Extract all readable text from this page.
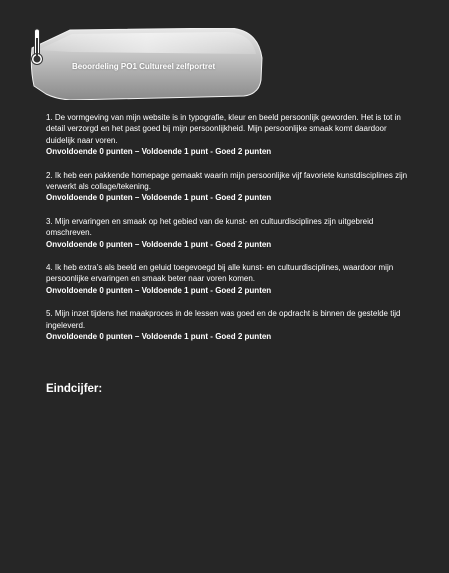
Beoordeling PO1 Cultureel zelfportret

1. De vormgeving van mijn website is in typografie, kleur en beeld persoonlijk geworden. Het is tot in detail verzorgd en het past goed bij mijn persoonlijkheid. Mijn persoonlijke smaak komt daardoor duidelijk naar voren.

Onvoldoende 0 punten – Voldoende 1 punt - Goed 2 punten

2. Ik heb een pakkende homepage gemaakt waarin mijn persoonlijke vijf favoriete kunstdisciplines zijn verwerkt als collage/tekening.

Onvoldoende 0 punten – Voldoende 1 punt - Goed 2 punten

3. Mijn ervaringen en smaak op het gebied van de kunst- en cultuurdisciplines zijn uitgebreid omschreven.

Onvoldoende 0 punten – Voldoende 1 punt - Goed 2 punten

4. Ik heb extra’s als beeld en geluid toegevoegd bij alle kunst- en cultuurdisciplines, waardoor mijn persoonlijke ervaringen en smaak beter naar voren komen.

Onvoldoende 0 punten – Voldoende 1 punt - Goed 2 punten

5. Mijn inzet tijdens het maakproces in de lessen was goed en de opdracht is binnen de gestelde tijd ingeleverd.

Onvoldoende 0 punten – Voldoende 1 punt - Goed 2 punten

Eindcijfer:
